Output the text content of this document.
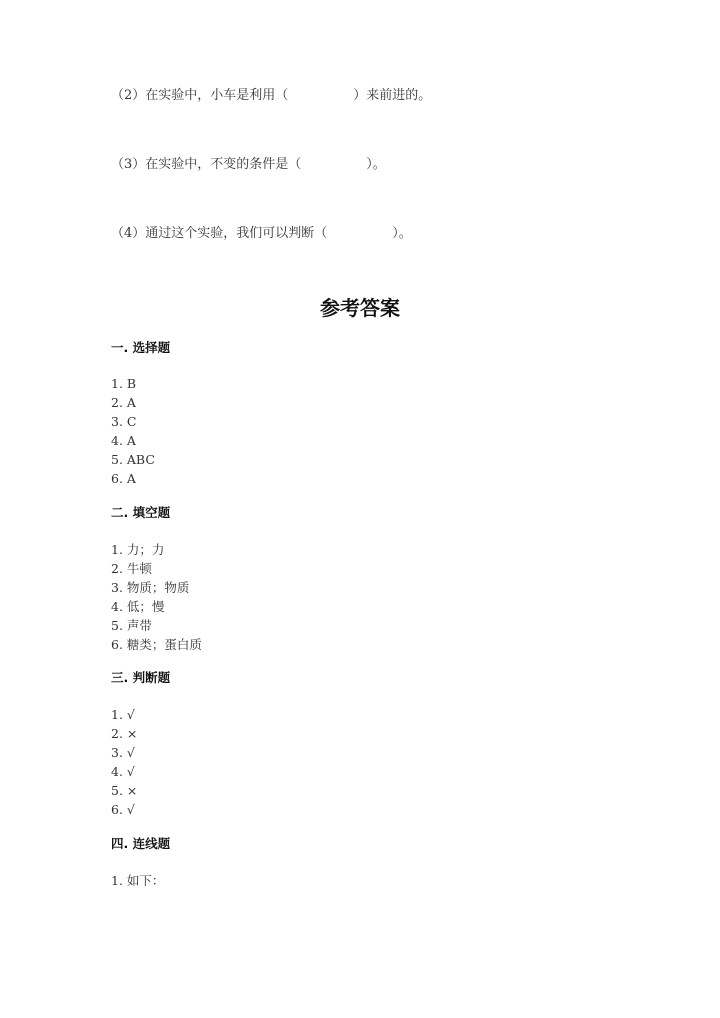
（2）在实验中，小车是利用（　　　　　）来前进的。
（3）在实验中，不变的条件是（　　　　　）。
（4）通过这个实验，我们可以判断（　　　　　）。
参考答案
一. 选择题
1. B
2. A
3. C
4. A
5. ABC
6. A
二. 填空题
1. 力；力
2. 牛顿
3. 物质；物质
4. 低；慢
5. 声带
6. 糖类；蛋白质
三. 判断题
1. √
2. ×
3. √
4. √
5. ×
6. √
四. 连线题
1. 如下：
